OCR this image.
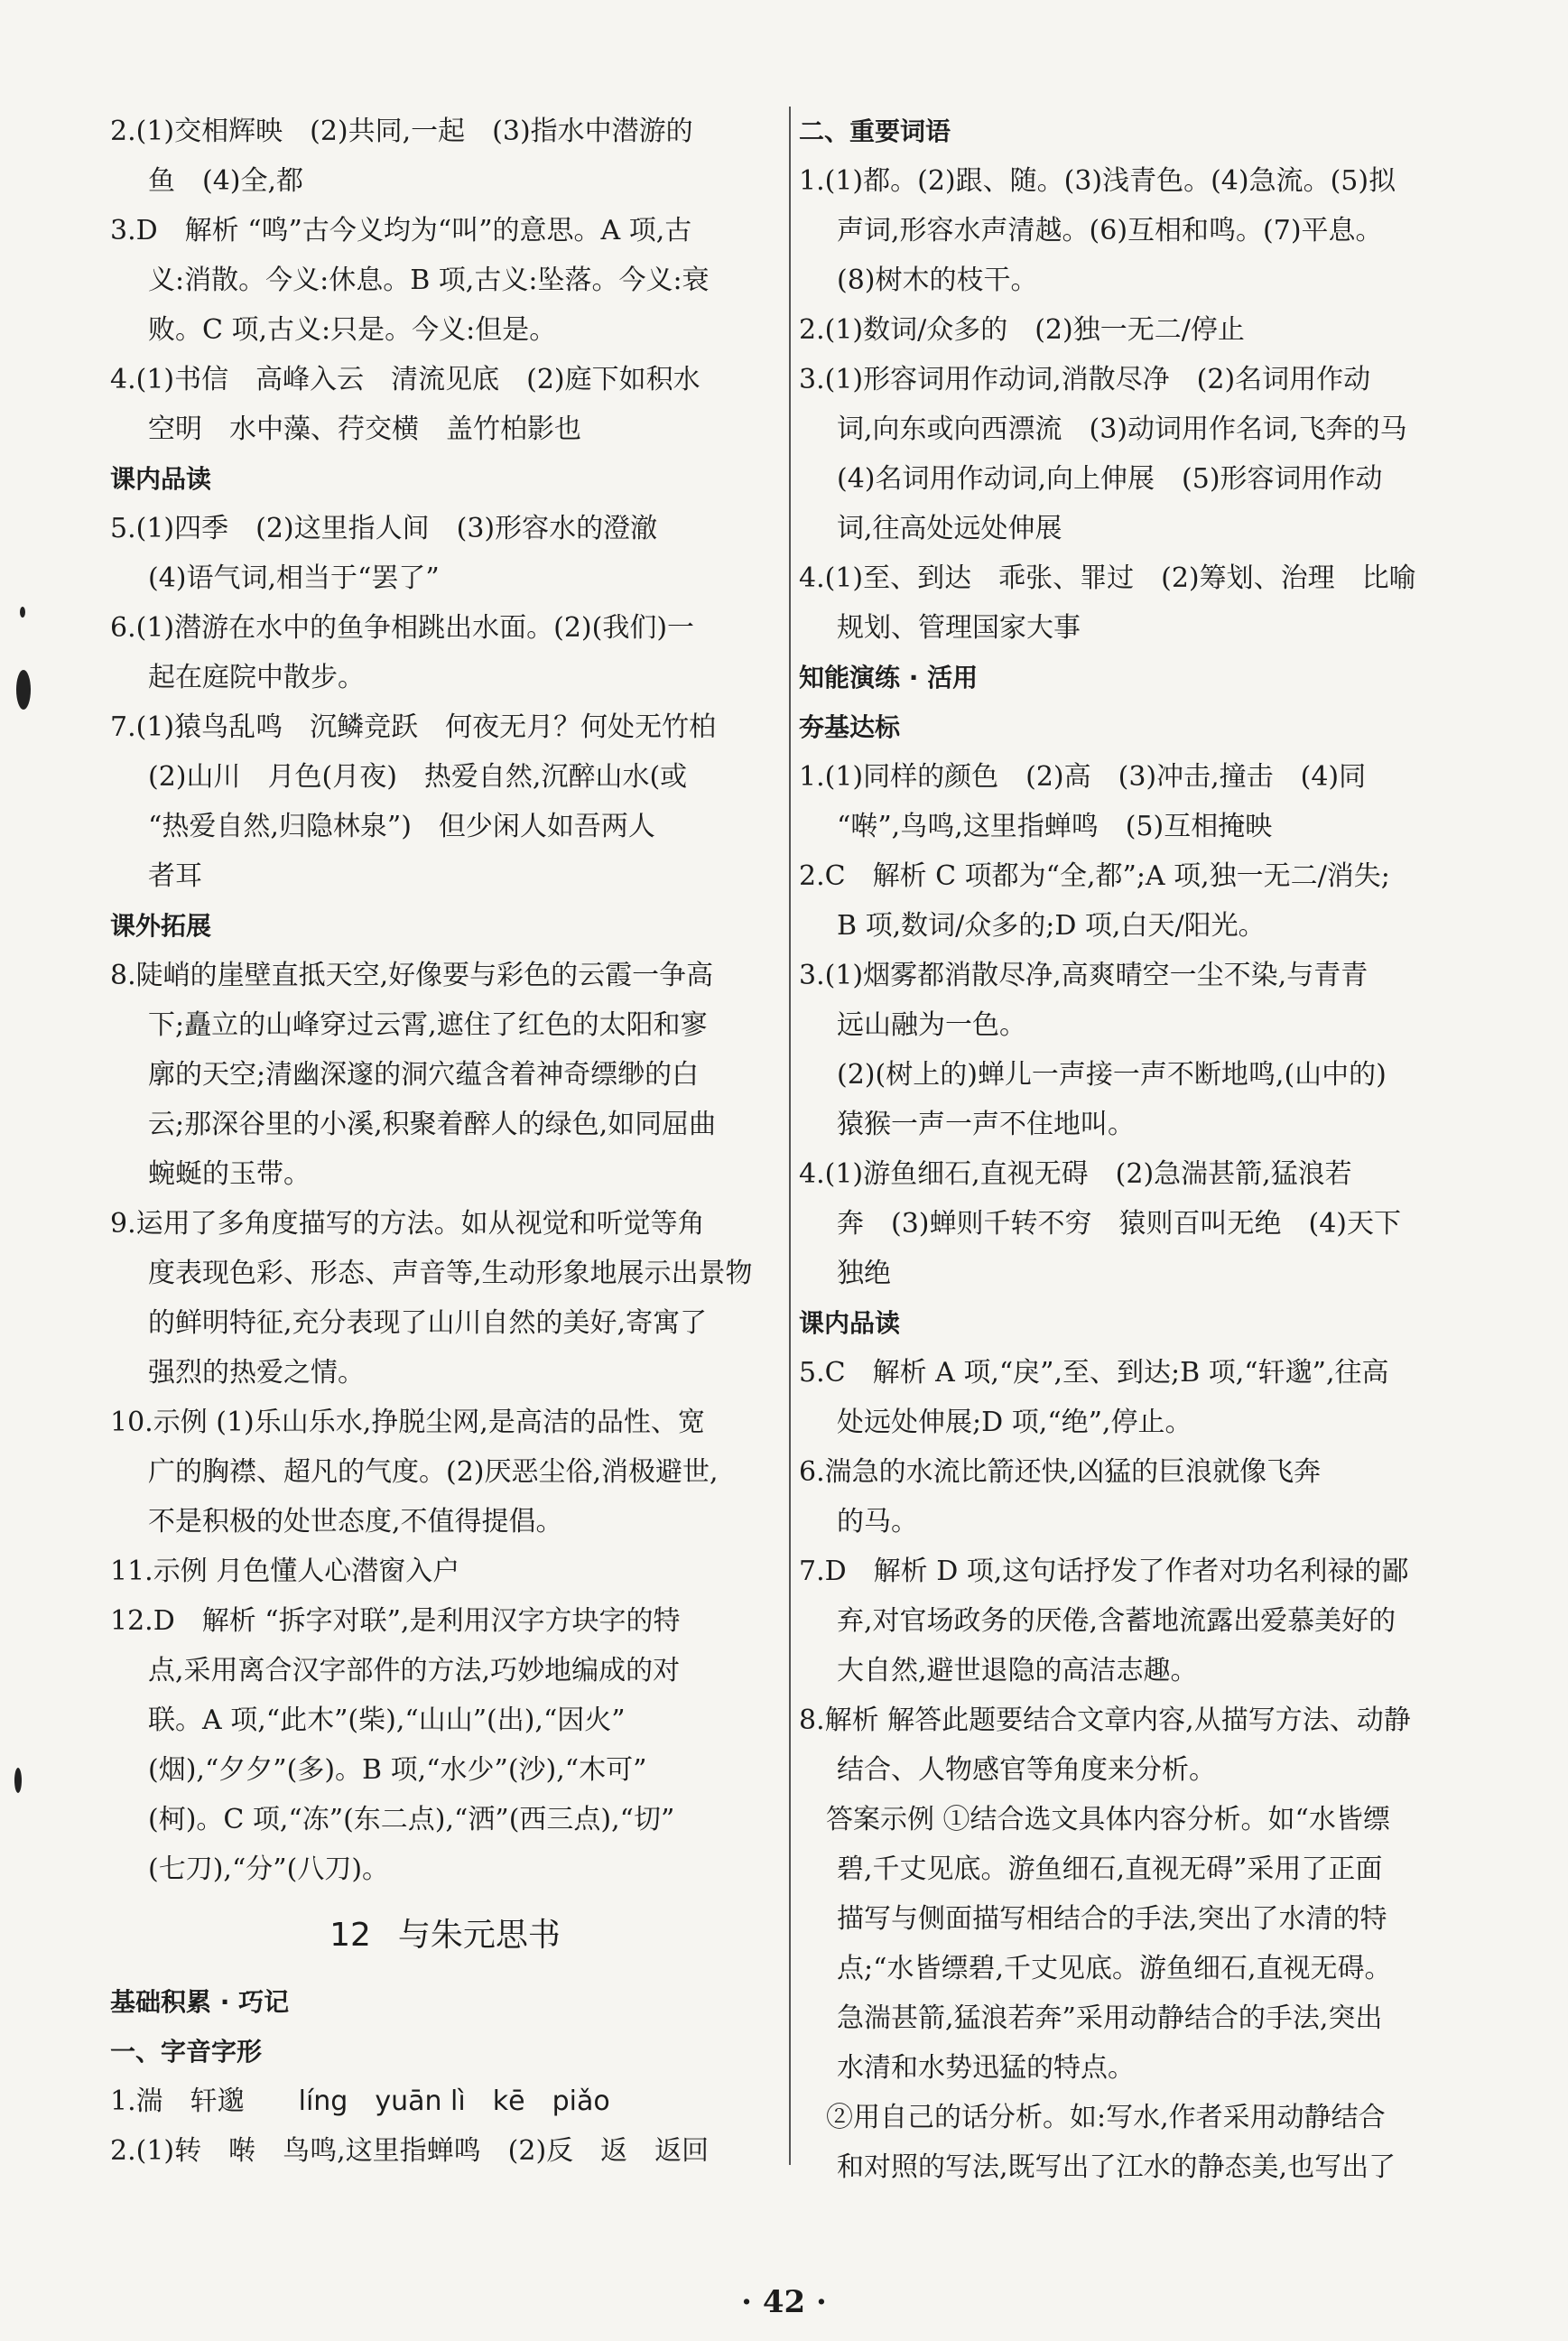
2.(1)交相辉映　(2)共同,一起　(3)指水中潜游的
鱼　(4)全,都
3.D　解析 “鸣”古今义均为“叫”的意思。A 项,古
义:消散。今义:休息。B 项,古义:坠落。今义:衰
败。C 项,古义:只是。今义:但是。
4.(1)书信　高峰入云　清流见底　(2)庭下如积水
空明　水中藻、荇交横　盖竹柏影也
课内品读
5.(1)四季　(2)这里指人间　(3)形容水的澄澈
(4)语气词,相当于“罢了”
6.(1)潜游在水中的鱼争相跳出水面。(2)(我们)一
起在庭院中散步。
7.(1)猿鸟乱鸣　沉鳞竞跃　何夜无月？何处无竹柏
(2)山川　月色(月夜)　热爱自然,沉醉山水(或
“热爱自然,归隐林泉”)　但少闲人如吾两人
者耳
课外拓展
8.陡峭的崖壁直抵天空,好像要与彩色的云霞一争高
下;矗立的山峰穿过云霄,遮住了红色的太阳和寥
廓的天空;清幽深邃的洞穴蕴含着神奇缥缈的白
云;那深谷里的小溪,积聚着醉人的绿色,如同屈曲
蜿蜒的玉带。
9.运用了多角度描写的方法。如从视觉和听觉等角
度表现色彩、形态、声音等,生动形象地展示出景物
的鲜明特征,充分表现了山川自然的美好,寄寓了
强烈的热爱之情。
10.示例 (1)乐山乐水,挣脱尘网,是高洁的品性、宽
广的胸襟、超凡的气度。(2)厌恶尘俗,消极避世,
不是积极的处世态度,不值得提倡。
11.示例 月色懂人心潜窗入户
12.D　解析 “拆字对联”,是利用汉字方块字的特
点,采用离合汉字部件的方法,巧妙地编成的对
联。A 项,“此木”(柴),“山山”(出),“因火”
(烟),“夕夕”(多)。B 项,“水少”(沙),“木可”
(柯)。C 项,“冻”(东二点),“洒”(西三点),“切”
(七刀),“分”(八刀)。
12 与朱元思书
基础积累 · 巧记
一、字音字形
1.湍　轩邈　　 líng　 yuān lì　 kē　 piǎo
2.(1)转　啭　鸟鸣,这里指蝉鸣　(2)反　返　返回
二、重要词语
1.(1)都。(2)跟、随。(3)浅青色。(4)急流。(5)拟
声词,形容水声清越。(6)互相和鸣。(7)平息。
(8)树木的枝干。
2.(1)数词/众多的　(2)独一无二/停止
3.(1)形容词用作动词,消散尽净　(2)名词用作动
词,向东或向西漂流　(3)动词用作名词,飞奔的马
(4)名词用作动词,向上伸展　(5)形容词用作动
词,往高处远处伸展
4.(1)至、到达　乖张、罪过　(2)筹划、治理　比喻
规划、管理国家大事
知能演练 · 活用
夯基达标
1.(1)同样的颜色　(2)高　(3)冲击,撞击　(4)同
“啭”,鸟鸣,这里指蝉鸣　(5)互相掩映
2.C　解析 C 项都为“全,都”;A 项,独一无二/消失;
B 项,数词/众多的;D 项,白天/阳光。
3.(1)烟雾都消散尽净,高爽晴空一尘不染,与青青
远山融为一色。
(2)(树上的)蝉儿一声接一声不断地鸣,(山中的)
猿猴一声一声不住地叫。
4.(1)游鱼细石,直视无碍　(2)急湍甚箭,猛浪若
奔　(3)蝉则千转不穷　猿则百叫无绝　(4)天下
独绝
课内品读
5.C　解析 A 项,“戾”,至、到达;B 项,“轩邈”,往高
处远处伸展;D 项,“绝”,停止。
6.湍急的水流比箭还快,凶猛的巨浪就像飞奔
的马。
7.D　解析 D 项,这句话抒发了作者对功名利禄的鄙
弃,对官场政务的厌倦,含蓄地流露出爱慕美好的
大自然,避世退隐的高洁志趣。
8.解析 解答此题要结合文章内容,从描写方法、动静
结合、人物感官等角度来分析。
答案示例 ①结合选文具体内容分析。如“水皆缥
碧,千丈见底。游鱼细石,直视无碍”采用了正面
描写与侧面描写相结合的手法,突出了水清的特
点;“水皆缥碧,千丈见底。游鱼细石,直视无碍。
急湍甚箭,猛浪若奔”采用动静结合的手法,突出
水清和水势迅猛的特点。
②用自己的话分析。如:写水,作者采用动静结合
和对照的写法,既写出了江水的静态美,也写出了
· 42 ·
